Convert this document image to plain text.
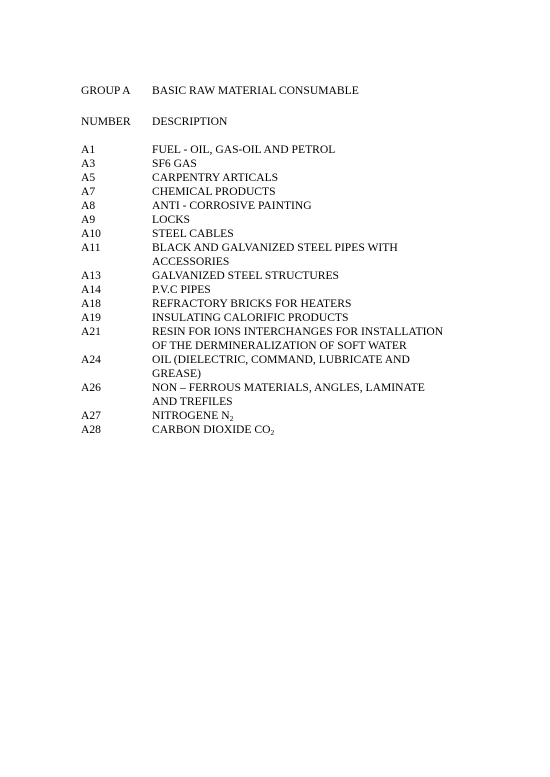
GROUP A	BASIC RAW MATERIAL CONSUMABLE
NUMBER	DESCRIPTION
A1	FUEL - OIL, GAS-OIL AND PETROL
A3	SF6 GAS
A5	CARPENTRY ARTICALS
A7	CHEMICAL PRODUCTS
A8	ANTI - CORROSIVE PAINTING
A9	LOCKS
A10	STEEL CABLES
A11	BLACK AND GALVANIZED STEEL PIPES WITH
ACCESSORIES
A13	GALVANIZED STEEL STRUCTURES
A14	P.V.C PIPES
A18	REFRACTORY BRICKS FOR HEATERS
A19	INSULATING CALORIFIC PRODUCTS
A21	RESIN FOR IONS INTERCHANGES FOR INSTALLATION
OF THE DERMINERALIZATION OF SOFT WATER
A24	OIL (DIELECTRIC, COMMAND, LUBRICATE AND
GREASE)
A26	NON – FERROUS MATERIALS, ANGLES, LAMINATE
AND TREFILES
A27	NITROGENE $N_2$
A28	CARBON DIOXIDE $CO_2$
